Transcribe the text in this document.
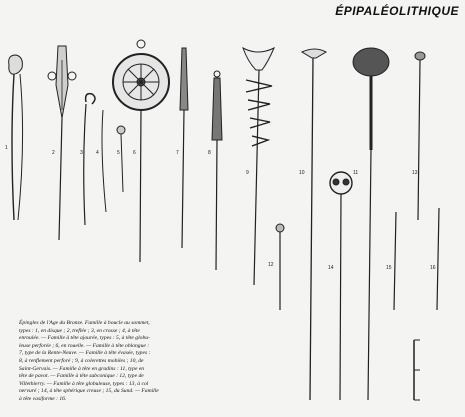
ÉPIPALÉOLITHIQUE
1
2	3	4	5	6	7	8
9	10	11
12
13
14	15	16
Épingles de l'Age du Bronze. Famille à boucle au sommet,
types : 1, en disque ; 2, treflée ; 3, en crosse ; 4, à tête
enroulée. — Famille à tête ajourée, types : 5, à tête globu-
leuse perforée ; 6, en rouelle. — Famille à tête oblongue :
7, type de la Rente-Neuve. — Famille à tête évasée, types :
8, à renflement perforé ; 9, à colerettes mobiles ; 10, de
Saint-Gervais. — Famille à tête en gradins : 11, type en
tête de pavot. — Famille à tête subconique : 12, type de
Villethierry. — Famille à tête globuleuse, types : 13, à col
nervuré ; 14, à tête sphérique creuse ; 15, du Sund. — Famille
à tête vasiforme : 16.
